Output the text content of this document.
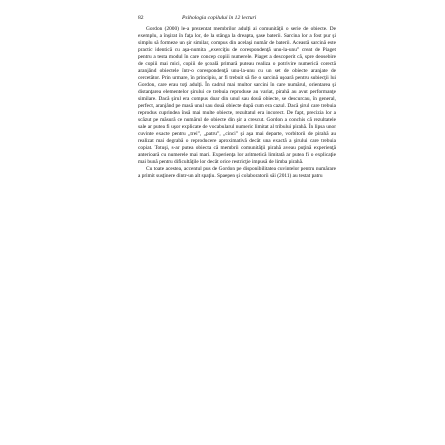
82	Psihologia copilului în 12 lecturi

Gordon (2000) le-a prezentat membrilor adulţi ai comunităţii o serie de obiecte. De exemplu, a înşirat în faţa lor, de la stânga la dreapta, şase baterii. Sarcina lor a fost pur şi simplu să formeze un şir similar, compus din acelaşi număr de baterii. Această sarcină este practic identică cu aşa-numita „exerciţiu de corespondenţă unu-la-unu” creat de Piaget pentru a testa modul în care concep copiii numerele. Piaget a descoperit că, spre deosebire de copiii mai mici, copiii de şcoală primară puteau realiza o potrivire numerică corectă aranjând obiectele într-o corespondenţă unu-la-unu cu un set de obiecte aranjate de cercetător. Prin urmare, în principiu, ar fi trebuit să fie o sarcină uşoară pentru subiecţii lui Gordon, care erau toţi adulţi. În cadrul mai multor sarcini în care numărul, orientarea şi distanţarea elementelor şirului ce trebuia reproduse au variat, pirahã au avut performanţe similare. Dacă şirul era compus doar din unul sau două obiecte, se descurcau, în general, perfect, aranjând pe masă unul sau două obiecte după cum era cazul. Dacă şirul care trebuia reprodus cuprindea însă mai multe obiecte, rezultatul era incorect. De fapt, precizia lor a scăzut pe măsură ce numărul de obiecte din şir a crescut. Gordon a conchis că rezultatele sale ar putea fi uşor explicate de vocabularul numeric limitat al tribului pirahã. În lipsa unor cuvinte exacte pentru „trei”, „patru”, „cinci” şi aşa mai departe, vorbitorii de pirahã au realizat mai degrabă o reproducere aproximativă decât una exactă a şirului care trebuia copiat. Totuşi, s-ar putea obiecta că membrii comunităţii pirahã aveau puţină experienţă anterioară cu numerele mai mari. Experienţa lor aritmetică limitată ar putea fi o explicaţie mai bună pentru dificultăţile lor decât orice restricţie impusă de limba pirahã.

Cu toate acestea, accentul pus de Gordon pe disponibilitatea cuvintelor pentru numărare a primit susţinere dintr-un alt spaţiu. Spaepen şi colaboratorii săi (2011) au testat patru
